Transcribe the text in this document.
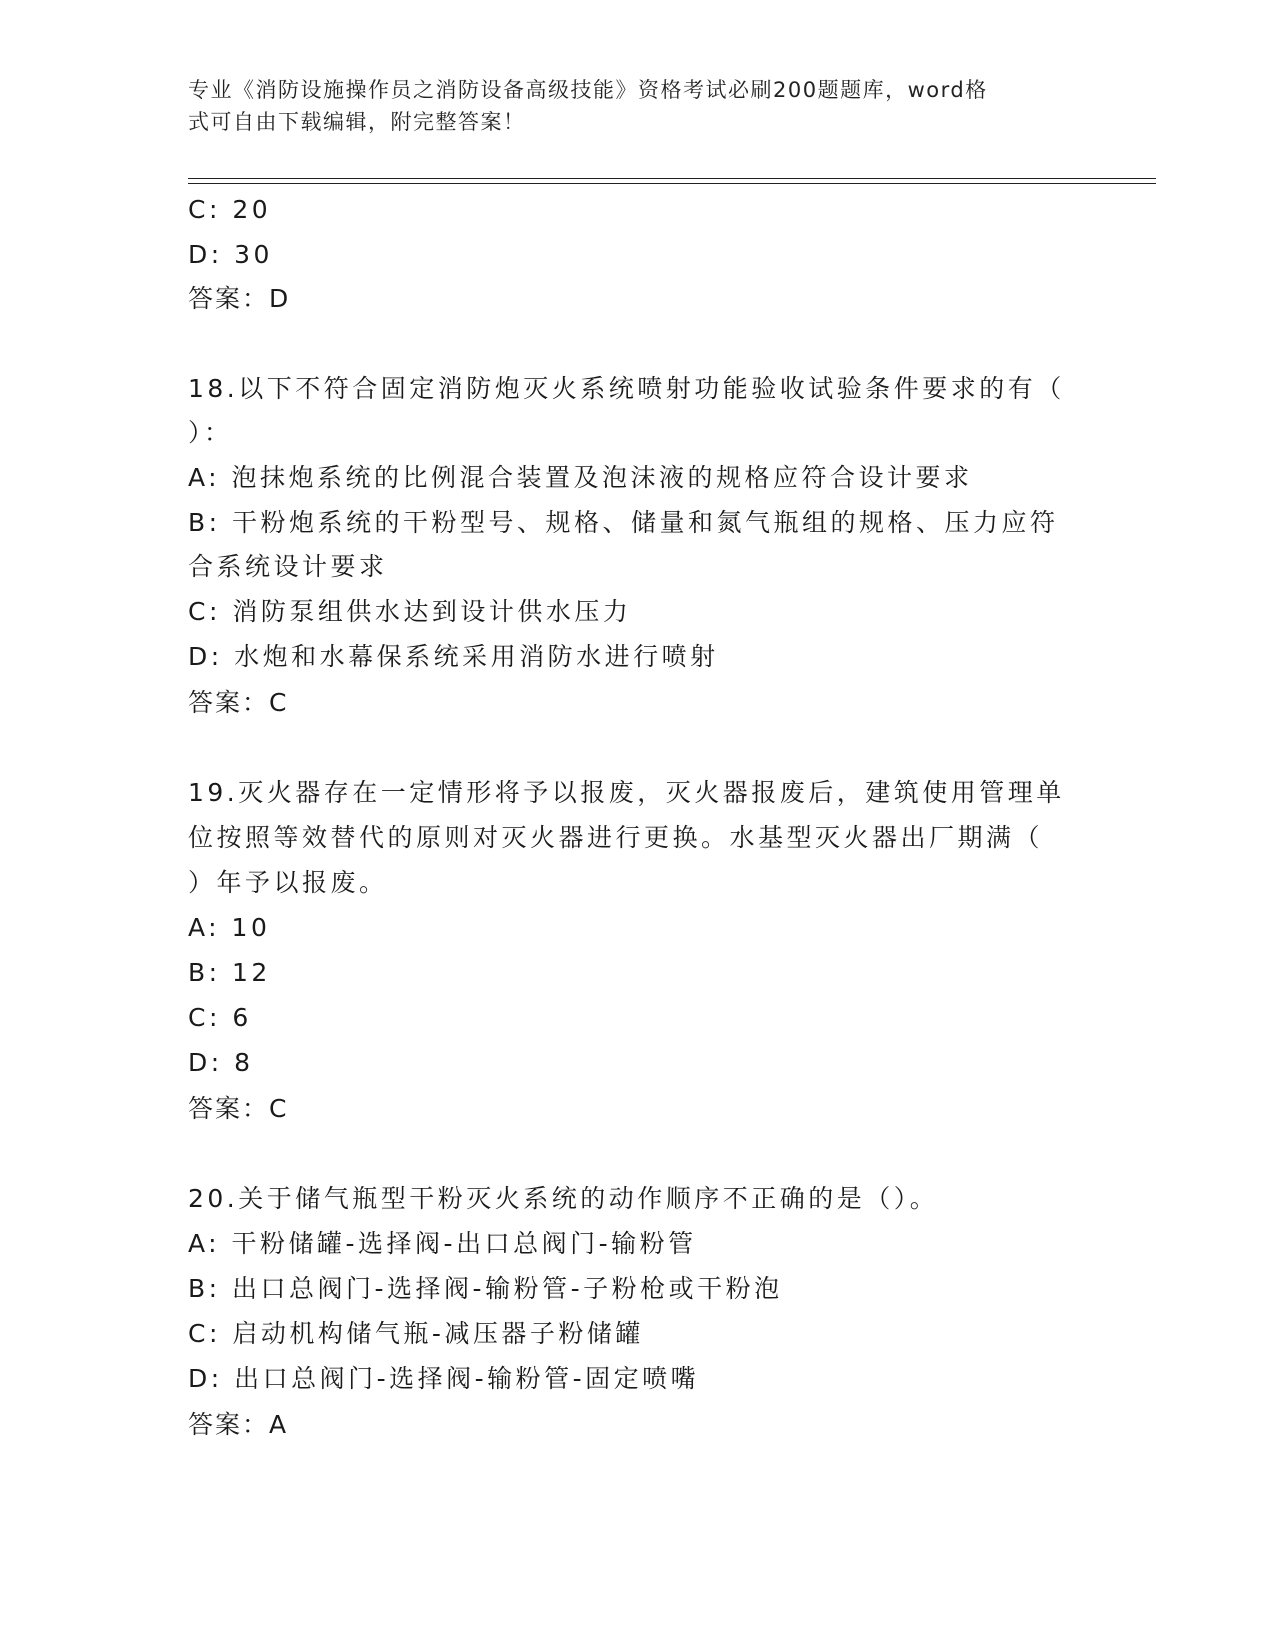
专业《消防设施操作员之消防设备高级技能》资格考试必刷200题题库，word格
式可自由下载编辑，附完整答案！
C: 20
D: 30
答案：D
18.以下不符合固定消防炮灭火系统喷射功能验收试验条件要求的有（
）：
A: 泡抹炮系统的比例混合装置及泡沫液的规格应符合设计要求
B: 干粉炮系统的干粉型号、规格、储量和氮气瓶组的规格、压力应符
合系统设计要求
C: 消防泵组供水达到设计供水压力
D: 水炮和水幕保系统采用消防水进行喷射
答案：C
19.灭火器存在一定情形将予以报废，灭火器报废后，建筑使用管理单
位按照等效替代的原则对灭火器进行更换。水基型灭火器出厂期满（
）年予以报废。
A: 10
B: 12
C: 6
D: 8
答案：C
20.关于储气瓶型干粉灭火系统的动作顺序不正确的是（）。
A: 干粉储罐-选择阀-出口总阀门-输粉管
B: 出口总阀门-选择阀-输粉管-子粉枪或干粉泡
C: 启动机构储气瓶-减压器子粉储罐
D: 出口总阀门-选择阀-输粉管-固定喷嘴
答案：A
